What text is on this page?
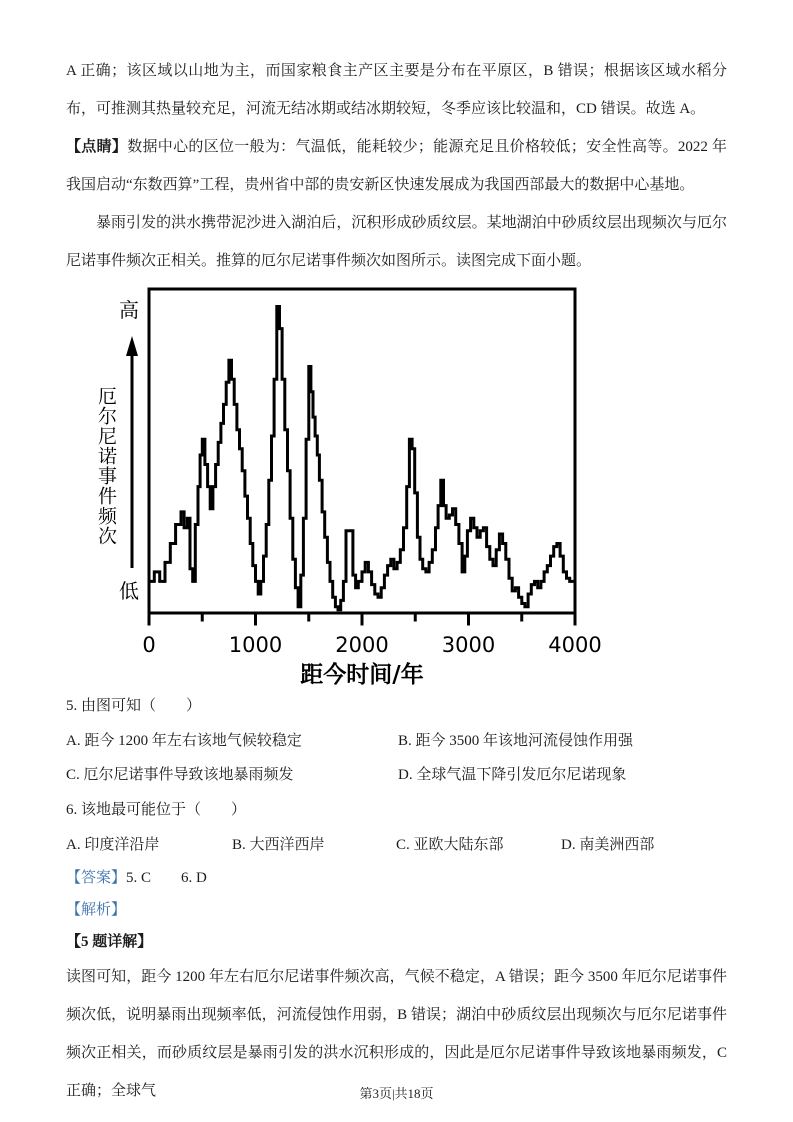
A 正确；该区域以山地为主，而国家粮食主产区主要是分布在平原区，B 错误；根据该区域水稻分布，可推测其热量较充足，河流无结冰期或结冰期较短，冬季应该比较温和，CD 错误。故选 A。

【点睛】数据中心的区位一般为：气温低，能耗较少；能源充足且价格较低；安全性高等。2022 年我国启动“东数西算”工程，贵州省中部的贵安新区快速发展成为我国西部最大的数据中心基地。

暴雨引发的洪水携带泥沙进入湖泊后，沉积形成砂质纹层。某地湖泊中砂质纹层出现频次与厄尔尼诺事件频次正相关。推算的厄尔尼诺事件频次如图所示。读图完成下面小题。

高
厄尔尼诺事件频次
低
0	1000	2000	3000	4000
距今时间/年

5. 由图可知（　　）

A. 距今 1200 年左右该地气候较稳定	B. 距今 3500 年该地河流侵蚀作用强
C. 厄尔尼诺事件导致该地暴雨频发	D. 全球气温下降引发厄尔尼诺现象

6. 该地最可能位于（　　）

A. 印度洋沿岸	B. 大西洋西岸	C. 亚欧大陆东部	D. 南美洲西部

【答案】5. C　　6. D

【解析】

【5 题详解】

读图可知，距今 1200 年左右厄尔尼诺事件频次高，气候不稳定，A 错误；距今 3500 年厄尔尼诺事件频次低，说明暴雨出现频率低，河流侵蚀作用弱，B 错误；湖泊中砂质纹层出现频次与厄尔尼诺事件频次正相关，而砂质纹层是暴雨引发的洪水沉积形成的，因此是厄尔尼诺事件导致该地暴雨频发，C 正确；全球气	第3页|共18页
